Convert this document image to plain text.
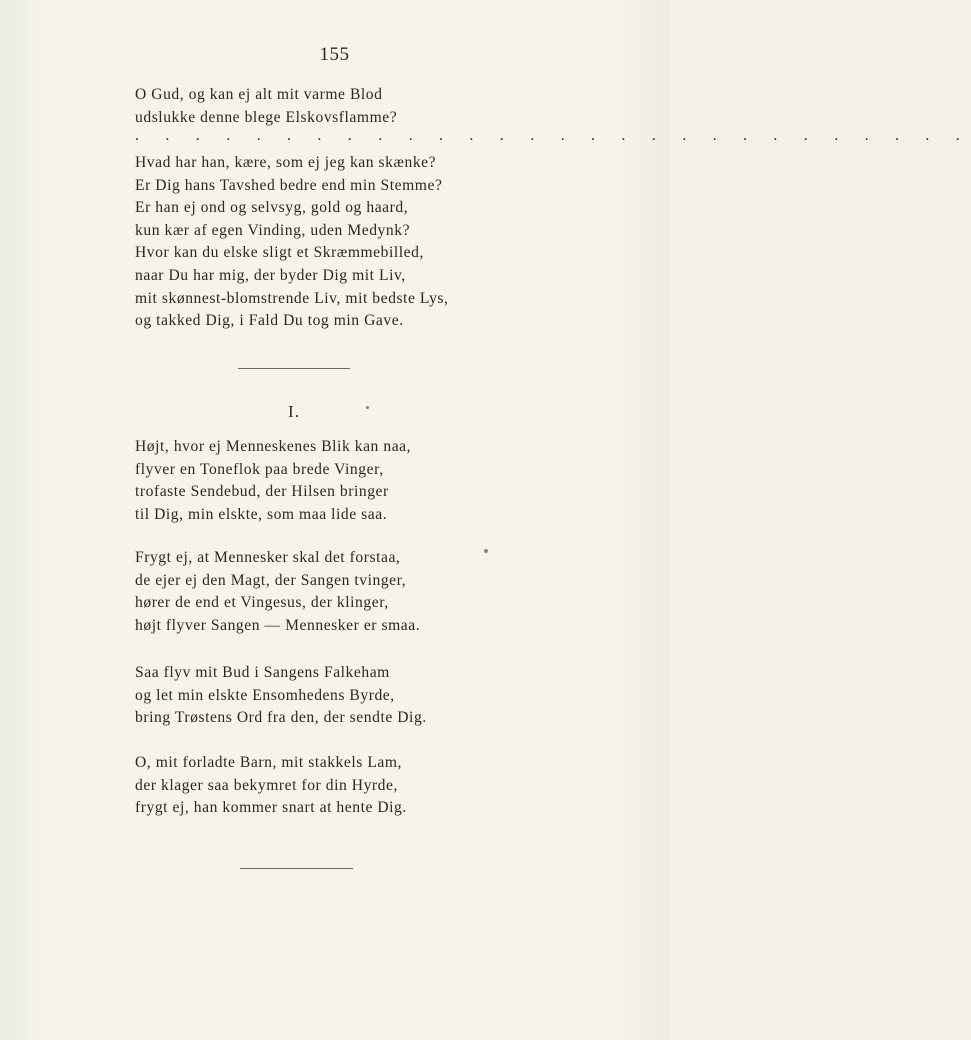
155
O Gud, og kan ej alt mit varme Blod
udslukke denne blege Elskovsflamme?
. . . . . . . . . . . . . . . . . . . . . . . . . . . .
Hvad har han, kære, som ej jeg kan skænke?
Er Dig hans Tavshed bedre end min Stemme?
Er han ej ond og selvsyg, gold og haard,
kun kær af egen Vinding, uden Medynk?
Hvor kan du elske sligt et Skræmmebilled,
naar Du har mig, der byder Dig mit Liv,
mit skønnest-blomstrende Liv, mit bedste Lys,
og takked Dig, i Fald Du tog min Gave.
I.
Højt, hvor ej Menneskenes Blik kan naa,
flyver en Toneflok paa brede Vinger,
trofaste Sendebud, der Hilsen bringer
til Dig, min elskte, som maa lide saa.
Frygt ej, at Mennesker skal det forstaa,
de ejer ej den Magt, der Sangen tvinger,
hører de end et Vingesus, der klinger,
højt flyver Sangen — Mennesker er smaa.
Saa flyv mit Bud i Sangens Falkeham
og let min elskte Ensomhedens Byrde,
bring Trøstens Ord fra den, der sendte Dig.
O, mit forladte Barn, mit stakkels Lam,
der klager saa bekymret for din Hyrde,
frygt ej, han kommer snart at hente Dig.
